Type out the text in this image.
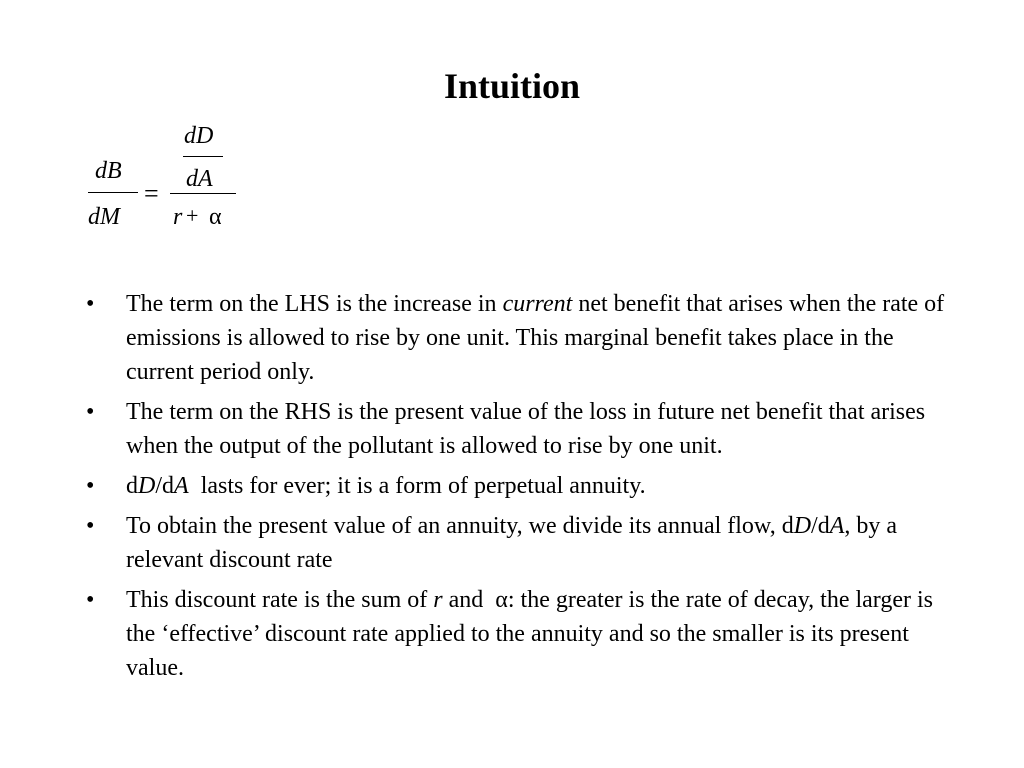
Intuition
dB
dM
=
dD
dA
r + α
• The term on the LHS is the increase in current net benefit that arises when the rate of emissions is allowed to rise by one unit. This marginal benefit takes place in the current period only.
• The term on the RHS is the present value of the loss in future net benefit that arises when the output of the pollutant is allowed to rise by one unit.
• dD/dA  lasts for ever; it is a form of perpetual annuity.
• To obtain the present value of an annuity, we divide its annual flow, dD/dA, by a relevant discount rate
• This discount rate is the sum of r and  α: the greater is the rate of decay, the larger is the ‘effective’ discount rate applied to the annuity and so the smaller is its present value.
